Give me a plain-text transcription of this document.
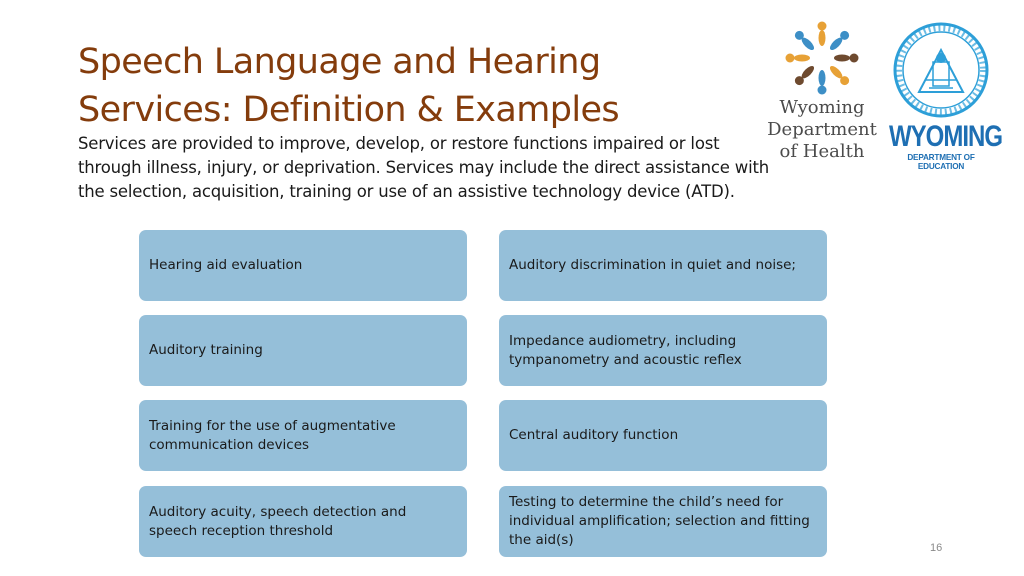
Speech Language and Hearing
Services: Definition & Examples

Services are provided to improve, develop, or restore functions impaired or lost through illness, injury, or deprivation. Services may include the direct assistance with the selection, acquisition, training or use of an assistive technology device (ATD).

Wyoming
Department
of Health	WYOMING
DEPARTMENT OF EDUCATION
Hearing aid evaluation	Auditory discrimination in quiet and noise;
Auditory training
Impedance audiometry, including tympanometry and acoustic reflex
Training for the use of augmentative communication devices
Central auditory function
Auditory acuity, speech detection and speech reception threshold
Testing to determine the child’s need for individual amplification; selection and fitting the aid(s)	16
